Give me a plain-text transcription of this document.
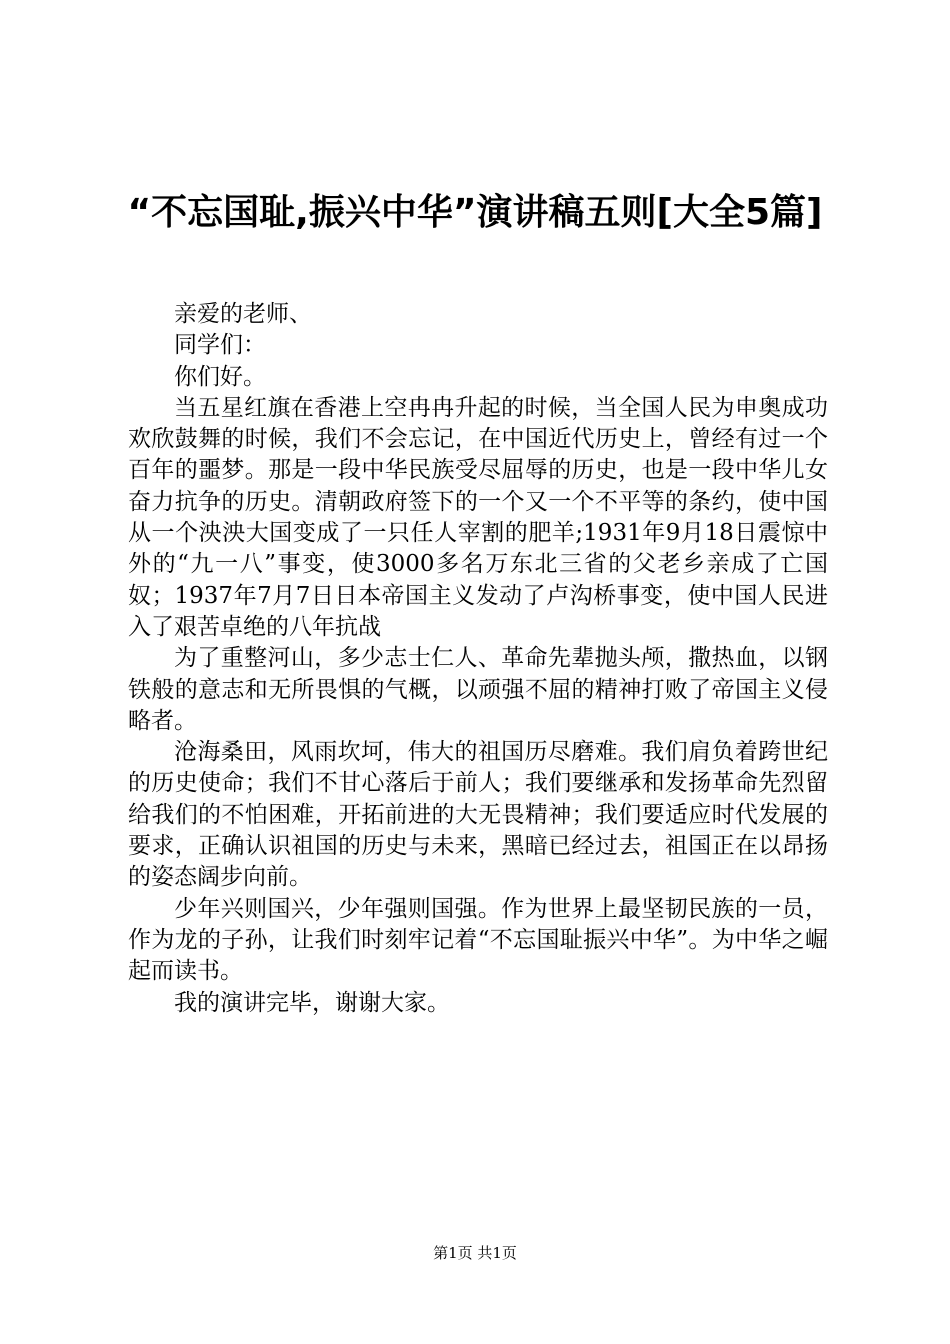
“不忘国耻,振兴中华”演讲稿五则[大全5篇]

亲爱的老师、

同学们：

你们好。

当五星红旗在香港上空冉冉升起的时候，当全国人民为申奥成功欢欣鼓舞的时候，我们不会忘记，在中国近代历史上，曾经有过一个百年的噩梦。那是一段中华民族受尽屈辱的历史，也是一段中华儿女奋力抗争的历史。清朝政府签下的一个又一个不平等的条约，使中国从一个泱泱大国变成了一只任人宰割的肥羊;1931年9月18日震惊中外的“九一八”事变，使3000多名万东北三省的父老乡亲成了亡国奴；1937年7月7日日本帝国主义发动了卢沟桥事变，使中国人民进入了艰苦卓绝的八年抗战

为了重整河山，多少志士仁人、革命先辈抛头颅，撒热血，以钢铁般的意志和无所畏惧的气概，以顽强不屈的精神打败了帝国主义侵略者。

沧海桑田，风雨坎坷，伟大的祖国历尽磨难。我们肩负着跨世纪的历史使命；我们不甘心落后于前人；我们要继承和发扬革命先烈留给我们的不怕困难，开拓前进的大无畏精神；我们要适应时代发展的要求，正确认识祖国的历史与未来，黑暗已经过去，祖国正在以昂扬的姿态阔步向前。

少年兴则国兴，少年强则国强。作为世界上最坚韧民族的一员，作为龙的子孙，让我们时刻牢记着“不忘国耻振兴中华”。为中华之崛起而读书。

我的演讲完毕，谢谢大家。

第1页 共1页
